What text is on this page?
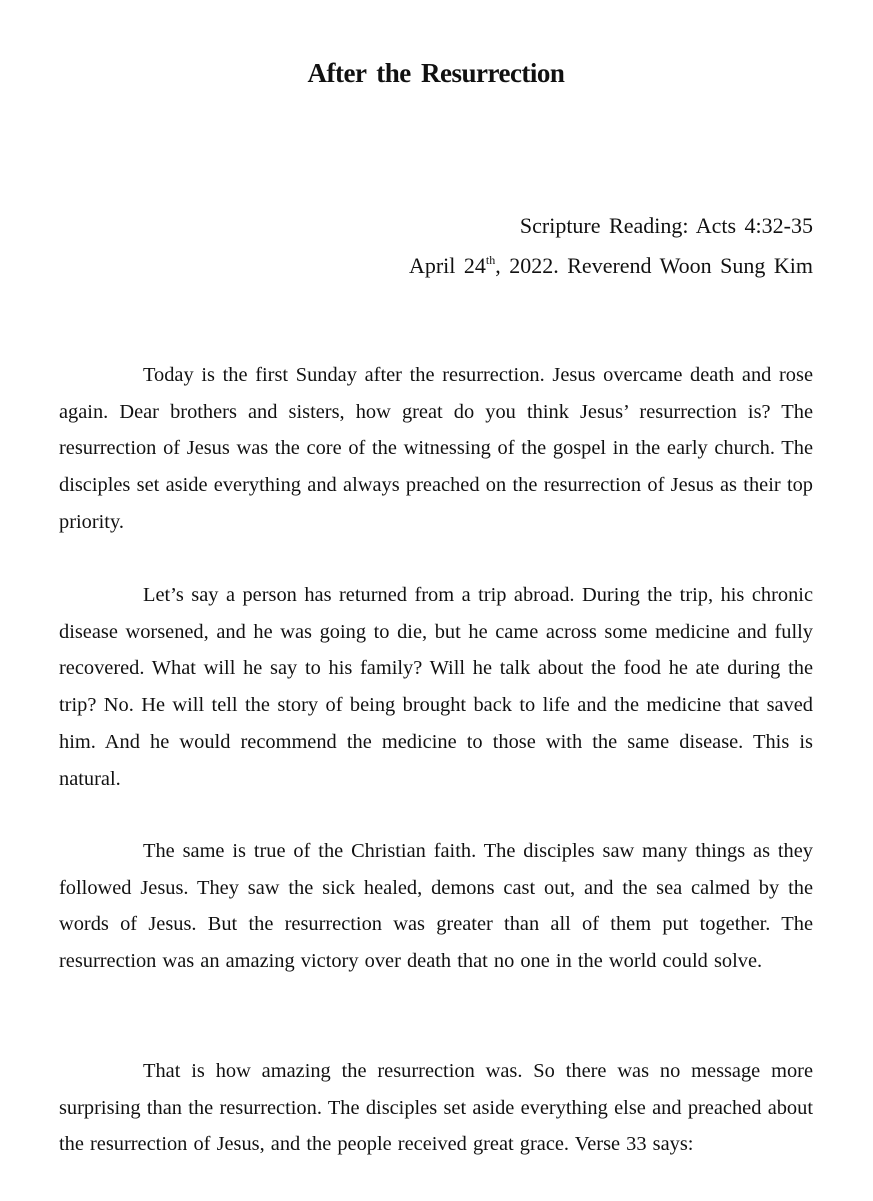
After the Resurrection
Scripture Reading: Acts 4:32-35
April 24th, 2022. Reverend Woon Sung Kim

Today is the first Sunday after the resurrection. Jesus overcame death and rose again. Dear brothers and sisters, how great do you think Jesus’ resurrection is? The resurrection of Jesus was the core of the witnessing of the gospel in the early church. The disciples set aside everything and always preached on the resurrection of Jesus as their top priority.

Let’s say a person has returned from a trip abroad. During the trip, his chronic disease worsened, and he was going to die, but he came across some medicine and fully recovered. What will he say to his family? Will he talk about the food he ate during the trip? No. He will tell the story of being brought back to life and the medicine that saved him. And he would recommend the medicine to those with the same disease. This is natural.

The same is true of the Christian faith. The disciples saw many things as they followed Jesus. They saw the sick healed, demons cast out, and the sea calmed by the words of Jesus. But the resurrection was greater than all of them put together. The resurrection was an amazing victory over death that no one in the world could solve.

That is how amazing the resurrection was. So there was no message more surprising than the resurrection. The disciples set aside everything else and preached about the resurrection of Jesus, and the people received great grace. Verse 33 says:
